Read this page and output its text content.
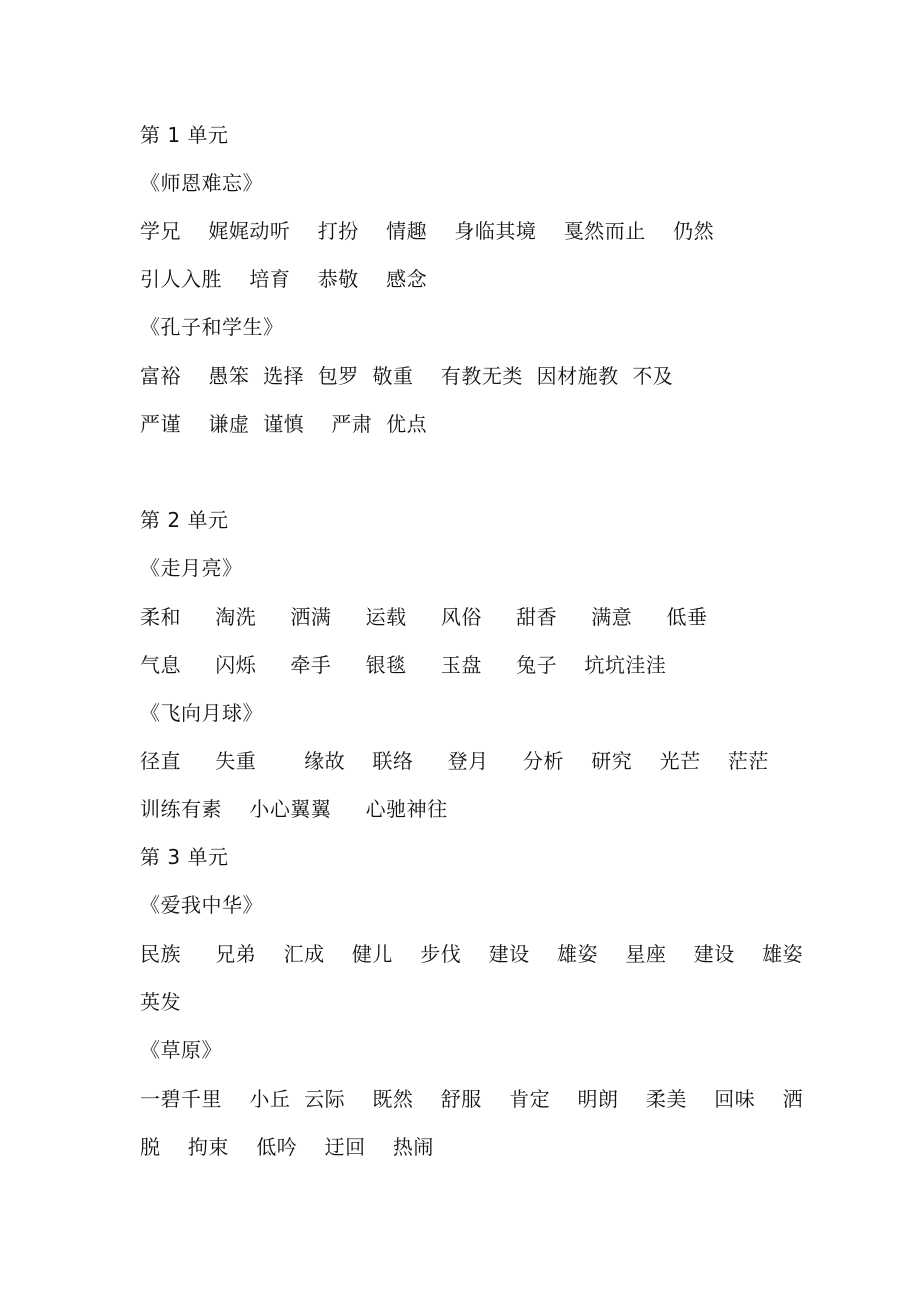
第 1 单元
《师恩难忘》
学兄　 娓娓动听　 打扮　 情趣　 身临其境　 戛然而止　 仍然
引人入胜　 培育　 恭敬　 感念
《孔子和学生》
富裕　 愚笨  选择  包罗  敬重　 有教无类  因材施教  不及
严谨　 谦虚  谨慎　 严肃  优点
第 2 单元
《走月亮》
柔和　  淘洗　  洒满　  运载　  风俗　  甜香　  满意　  低垂
气息　  闪烁　  牵手　  银毯　  玉盘　  兔子　 坑坑洼洼
《飞向月球》
径直　  失重　　 缘故　 联络　  登月　  分析　 研究　 光芒　 茫茫
训练有素　 小心翼翼　  心驰神往
第 3 单元
《爱我中华》
民族　  兄弟　 汇成　 健儿　 步伐　 建设　 雄姿　 星座　 建设　 雄姿
英发
《草原》
一碧千里　 小丘  云际　 既然　 舒服　 肯定　 明朗　 柔美　 回味　 洒
脱　 拘束　 低吟　 迂回　 热闹
